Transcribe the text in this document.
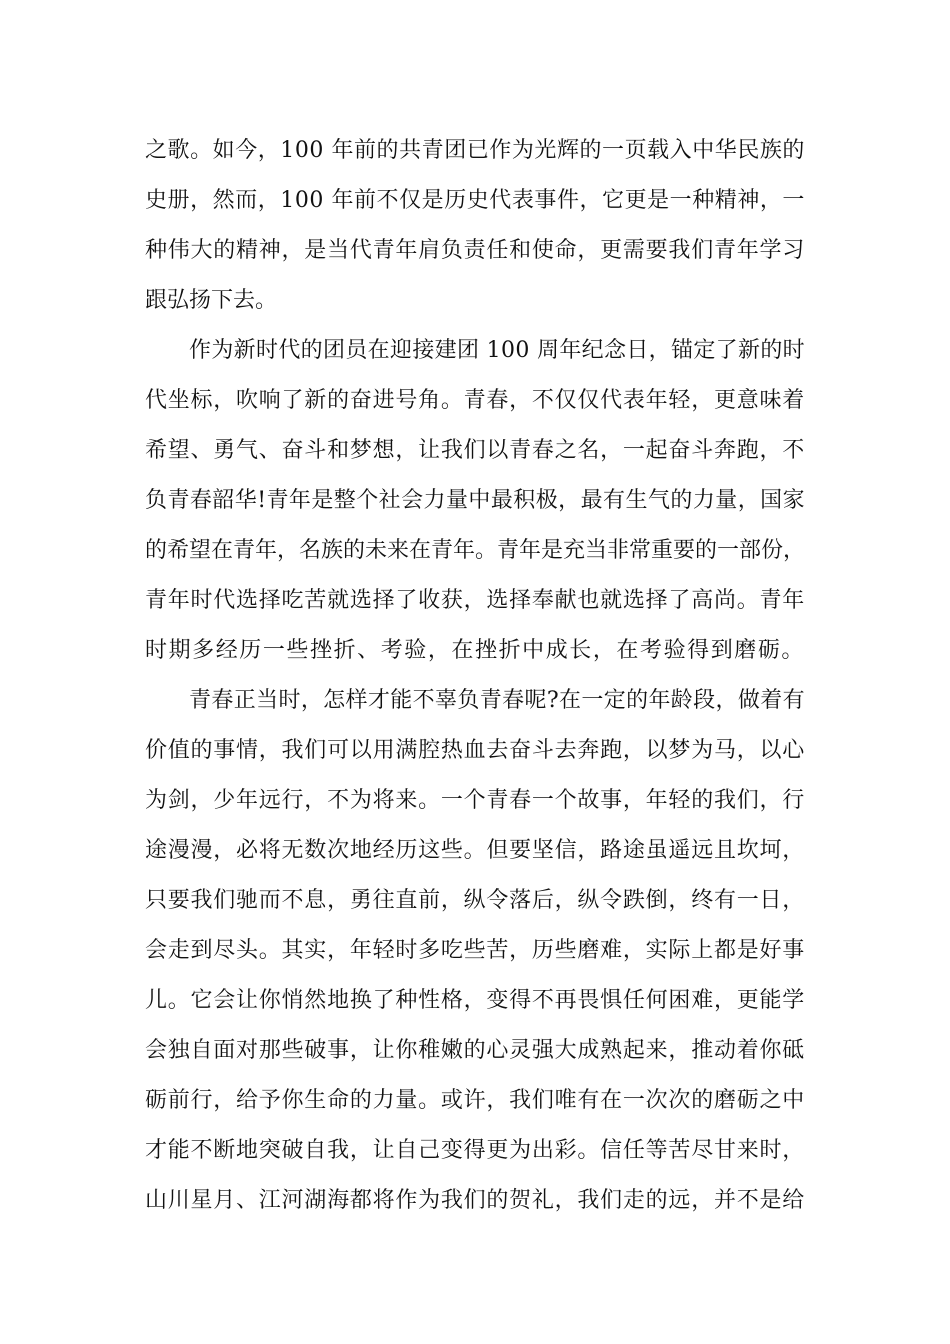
之歌。如今，100 年前的共青团已作为光辉的一页载入中华民族的
史册，然而，100 年前不仅是历史代表事件，它更是一种精神，一
种伟大的精神，是当代青年肩负责任和使命，更需要我们青年学习
跟弘扬下去。
作为新时代的团员在迎接建团 100 周年纪念日，锚定了新的时
代坐标，吹响了新的奋进号角。青春，不仅仅代表年轻，更意味着
希望、勇气、奋斗和梦想，让我们以青春之名，一起奋斗奔跑，不
负青春韶华!青年是整个社会力量中最积极，最有生气的力量，国家
的希望在青年，名族的未来在青年。青年是充当非常重要的一部份，
青年时代选择吃苦就选择了收获，选择奉献也就选择了高尚。青年
时期多经历一些挫折、考验，在挫折中成长，在考验得到磨砺。
青春正当时，怎样才能不辜负青春呢?在一定的年龄段，做着有
价值的事情，我们可以用满腔热血去奋斗去奔跑，以梦为马，以心
为剑，少年远行，不为将来。一个青春一个故事，年轻的我们，行
途漫漫，必将无数次地经历这些。但要坚信，路途虽遥远且坎坷，
只要我们驰而不息，勇往直前，纵令落后，纵令跌倒，终有一日，
会走到尽头。其实，年轻时多吃些苦，历些磨难，实际上都是好事
儿。它会让你悄然地换了种性格，变得不再畏惧任何困难，更能学
会独自面对那些破事，让你稚嫩的心灵强大成熟起来，推动着你砥
砺前行，给予你生命的力量。或许，我们唯有在一次次的磨砺之中
才能不断地突破自我，让自己变得更为出彩。信任等苦尽甘来时，
山川星月、江河湖海都将作为我们的贺礼，我们走的远，并不是给
